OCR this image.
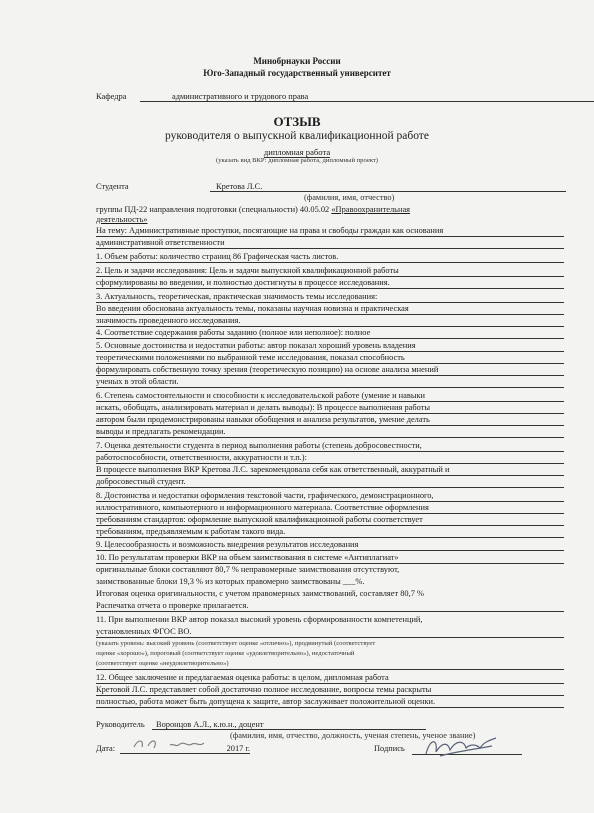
Минобрнауки России
Юго-Западный государственный университет
Кафедра	административного и трудового права
ОТЗЫВ
руководителя о выпускной квалификационной работе
дипломная работа
(указать вид ВКР: дипломная работа, дипломный проект)
Студента	Кретова Л.С.
(фамилия, имя, отчество)
группы ПД-22 направления подготовки (специальности) 40.05.02 «Правоохранительная
деятельность»
На тему: Административные проступки, посягающие на права и свободы граждан как основания
административной ответственности
1. Объем работы: количество страниц 86 Графическая часть листов.
2. Цель и задачи исследования: Цель и задачи выпускной квалификационной работы
сформулированы во введении, и полностью достигнуты в процессе исследования.
3. Актуальность, теоретическая, практическая значимость темы исследования:
Во введении обоснована актуальность темы, показаны научная новизна и практическая
значимость проведенного исследования.
4. Соответствие содержания работы заданию (полное или неполное): полное
5. Основные достоинства и недостатки работы: автор показал хороший уровень владения
теоретическими положениями по выбранной теме исследования, показал способность
формулировать собственную точку зрения (теоретическую позицию) на основе анализа мнений
ученых в этой области.
6. Степень самостоятельности и способности к исследовательской работе (умение и навыки
искать, обобщать, анализировать материал и делать выводы): В процессе выполнения работы
автором были продемонстрированы навыки обобщения и анализа результатов, умение делать
выводы и предлагать рекомендации.
7. Оценка деятельности студента в период выполнения работы (степень добросовестности,
работоспособности, ответственности, аккуратности и т.п.):
В процессе выполнения ВКР Кретова Л.С. зарекомендовала себя как ответственный, аккуратный и
добросовестный студент.
8. Достоинства и недостатки оформления текстовой части, графического, демонстрационного,
иллюстративного, компьютерного и информационного материала. Соответствие оформления
требованиям стандартов: оформление выпускной квалификационной работы соответствует
требованиям, предъявляемым к работам такого вида.
9. Целесообразность и возможность внедрения результатов исследования
10. По результатам проверки ВКР на объем заимствования в системе «Антиплагиат»
оригинальные блоки составляют 80,7 % неправомерные заимствования отсутствуют,
заимствованные блоки 19,3 % из которых правомерно заимствованы ___%.
Итоговая оценка оригинальности, с учетом правомерных заимствований, составляет 80,7 %
Распечатка отчета о проверке прилагается.
11. При выполнении ВКР автор показал высокий уровень сформированности компетенций,
установленных ФГОС ВО.
(указать уровень: высокий уровень (соответствует оценке «отлично»), продвинутый (соответствует
оценке «хорошо»), пороговый (соответствует оценке «удовлетворительно»), недостаточный
(соответствует оценке «неудовлетворительно»)
12. Общее заключение и предлагаемая оценка работы: в целом, дипломная работа
Кретовой Л.С. представляет собой достаточно полное исследование, вопросы темы раскрыты
полностью, работа может быть допущена к защите, автор заслуживает положительной оценки.
Руководитель	Воронцов А.Л., к.ю.н., доцент
(фамилия, имя, отчество, должность, ученая степень, ученое звание)
Дата:	2017 г.	Подпись
